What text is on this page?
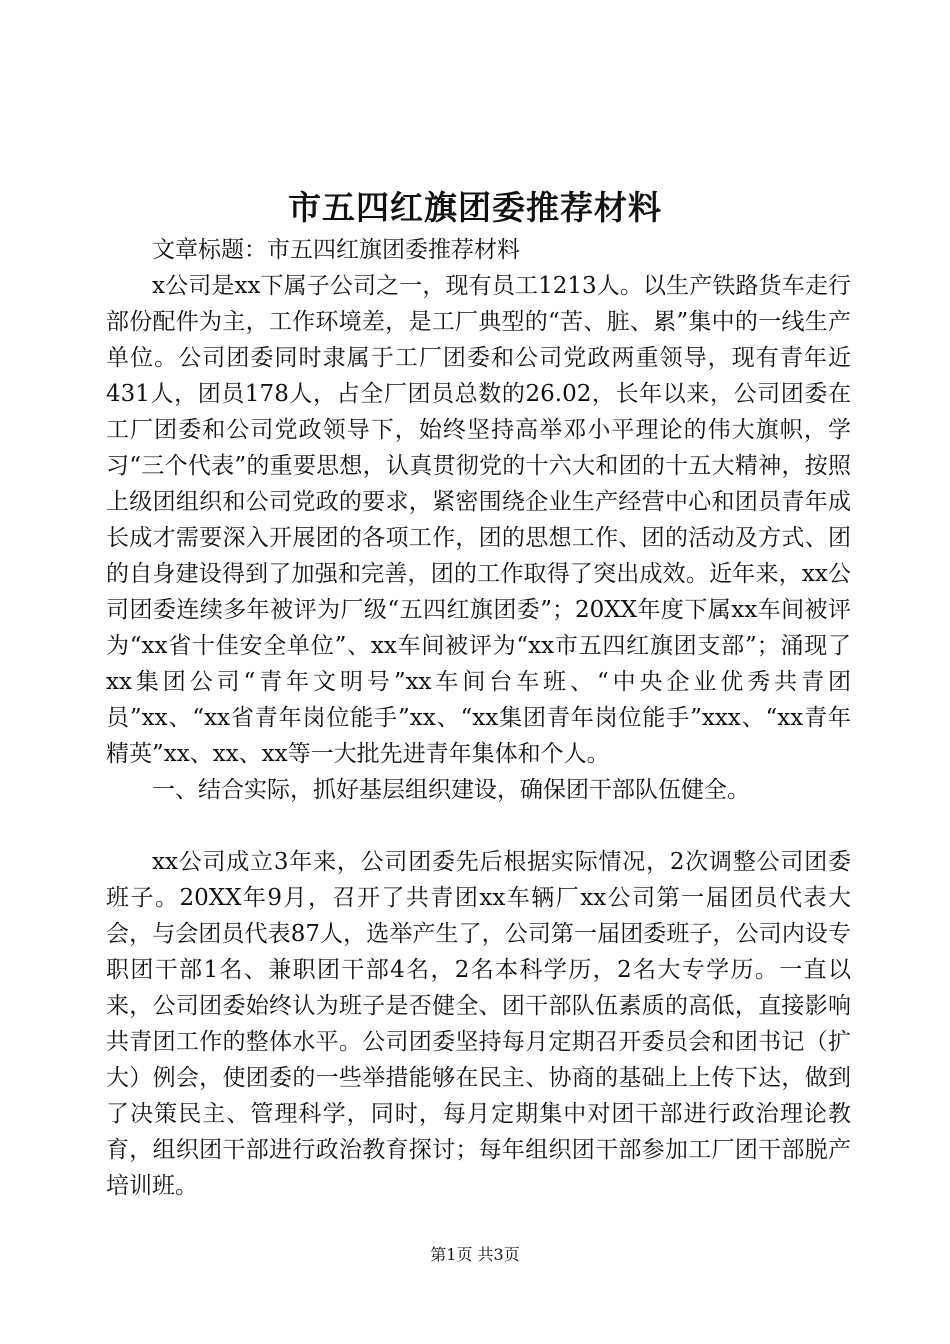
市五四红旗团委推荐材料

文章标题：市五四红旗团委推荐材料

x公司是xx下属子公司之一，现有员工1213人。以生产铁路货车走行部份配件为主，工作环境差，是工厂典型的“苦、脏、累”集中的一线生产单位。公司团委同时隶属于工厂团委和公司党政两重领导，现有青年近431人，团员178人，占全厂团员总数的26.02，长年以来，公司团委在工厂团委和公司党政领导下，始终坚持高举邓小平理论的伟大旗帜，学习“三个代表”的重要思想，认真贯彻党的十六大和团的十五大精神，按照上级团组织和公司党政的要求，紧密围绕企业生产经营中心和团员青年成长成才需要深入开展团的各项工作，团的思想工作、团的活动及方式、团的自身建设得到了加强和完善，团的工作取得了突出成效。近年来，xx公司团委连续多年被评为厂级“五四红旗团委”；20XX年度下属xx车间被评为“xx省十佳安全单位”、xx车间被评为“xx市五四红旗团支部”；涌现了xx集团公司“青年文明号”xx车间台车班、“中央企业优秀共青团员”xx、“xx省青年岗位能手”xx、“xx集团青年岗位能手”xxx、“xx青年精英”xx、xx、xx等一大批先进青年集体和个人。

一、结合实际，抓好基层组织建设，确保团干部队伍健全。

xx公司成立3年来，公司团委先后根据实际情况，2次调整公司团委班子。20XX年9月，召开了共青团xx车辆厂xx公司第一届团员代表大会，与会团员代表87人，选举产生了，公司第一届团委班子，公司内设专职团干部1名、兼职团干部4名，2名本科学历，2名大专学历。一直以来，公司团委始终认为班子是否健全、团干部队伍素质的高低，直接影响共青团工作的整体水平。公司团委坚持每月定期召开委员会和团书记（扩大）例会，使团委的一些举措能够在民主、协商的基础上上传下达，做到了决策民主、管理科学，同时，每月定期集中对团干部进行政治理论教育，组织团干部进行政治教育探讨；每年组织团干部参加工厂团干部脱产培训班。

第1页 共3页
